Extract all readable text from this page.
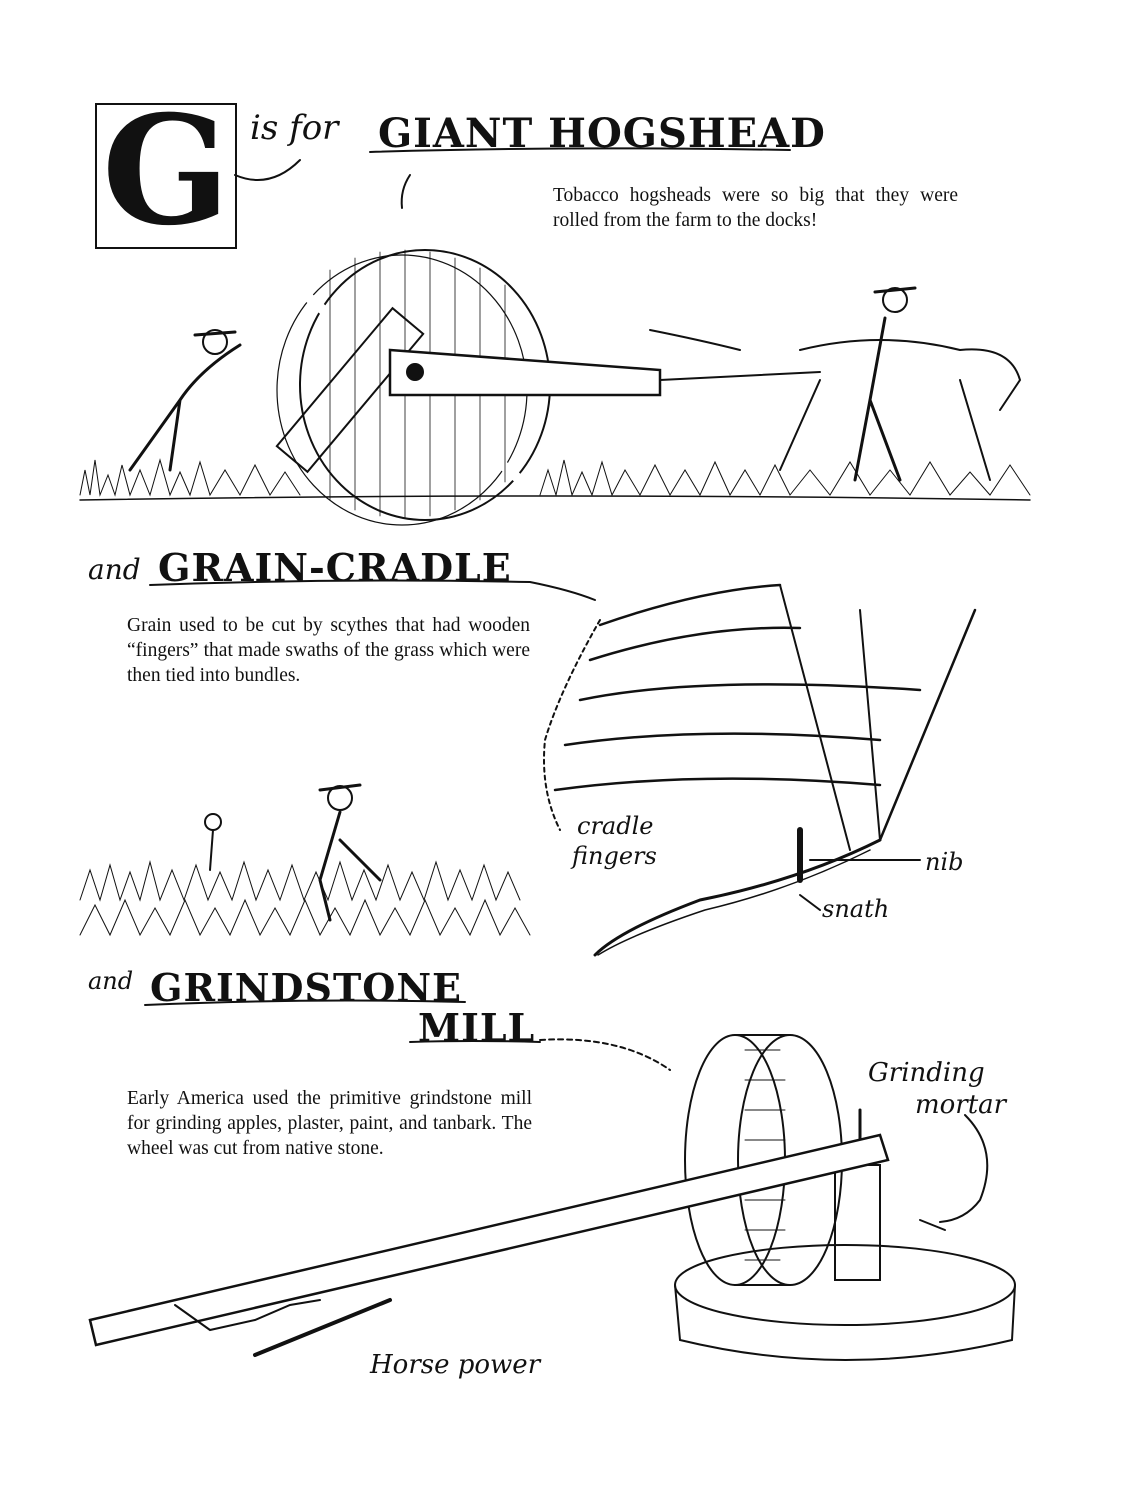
G is for GIANT HOGSHEAD
Tobacco hogsheads were so big that they were rolled from the farm to the docks!
and GRAIN-CRADLE
Grain used to be cut by scythes that had wooden “fingers” that made swaths of the grass which were then tied into bundles.
cradle
fingers	nib
snath
and GRINDSTONE
MILL
Early America used the primitive grindstone mill for grinding apples, plaster, paint, and tanbark. The wheel was cut from native stone.
Grinding
mortar
Horse power
